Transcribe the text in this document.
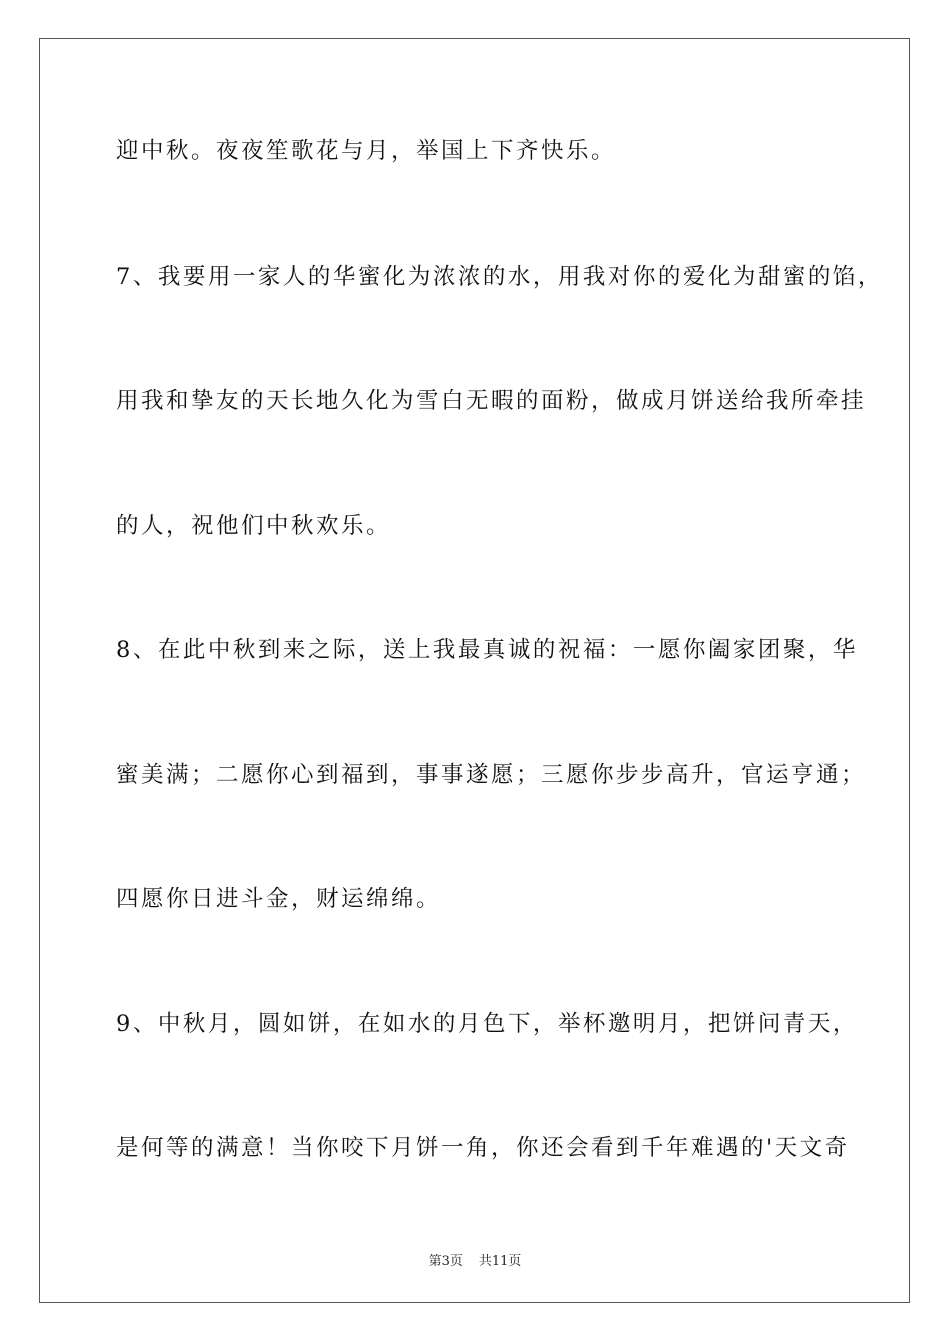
迎中秋。夜夜笙歌花与月，举国上下齐快乐。
7、我要用一家人的华蜜化为浓浓的水，用我对你的爱化为甜蜜的馅，
用我和挚友的天长地久化为雪白无暇的面粉，做成月饼送给我所牵挂
的人，祝他们中秋欢乐。
8、在此中秋到来之际，送上我最真诚的祝福：一愿你阖家团聚，华
蜜美满；二愿你心到福到，事事遂愿；三愿你步步高升，官运亨通；
四愿你日进斗金，财运绵绵。
9、中秋月，圆如饼，在如水的月色下，举杯邀明月，把饼问青天，
是何等的满意！当你咬下月饼一角，你还会看到千年难遇的'天文奇
第3页 共11页
